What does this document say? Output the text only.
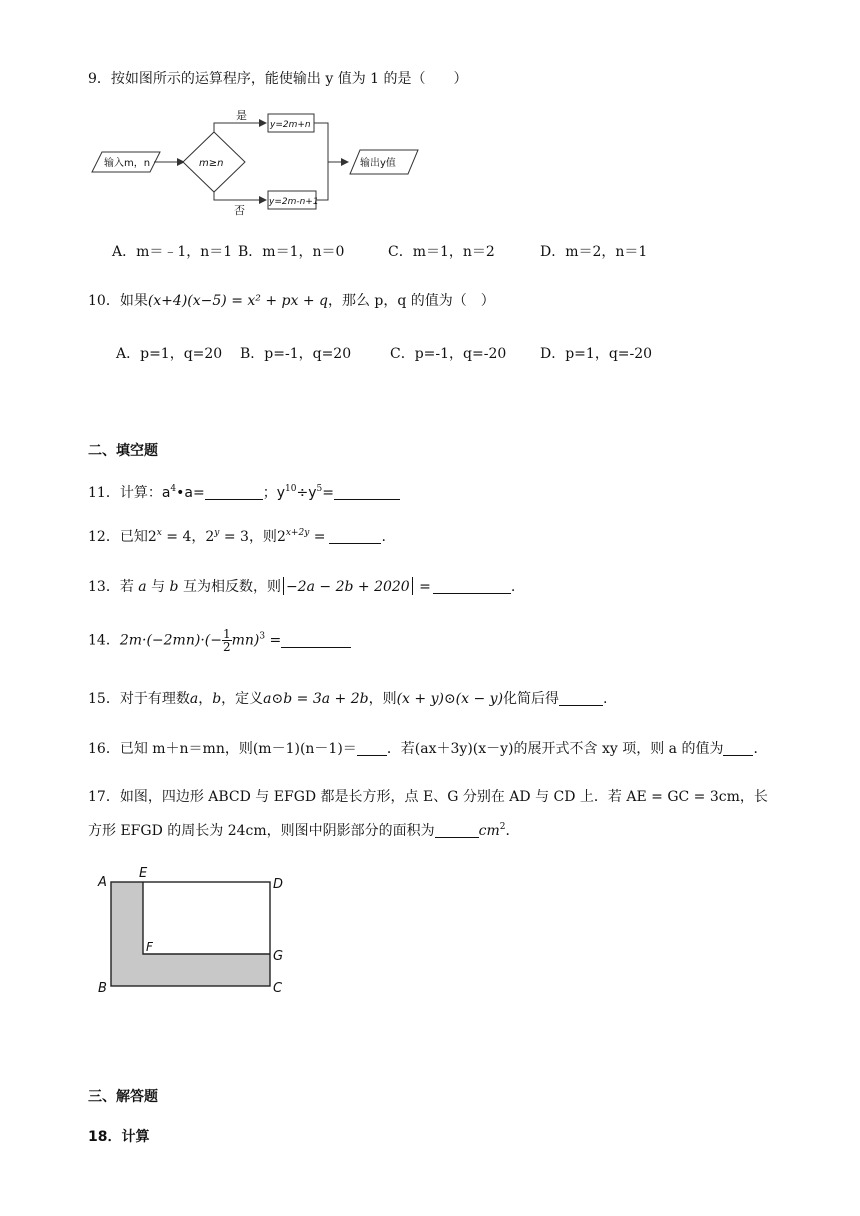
9．按如图所示的运算程序，能使输出 y 值为 1 的是（　　）
输入m，n	m≥n
是
否
y=2m+n
y=2m-n+1
输出y值
A．m＝﹣1，n＝1 B．m＝1，n＝0	C．m＝1，n＝2	D．m＝2，n＝1
10．如果(x+4)(x−5) = x² + px + q，那么 p，q 的值为（　）
A．p=1，q=20 B．p=-1，q=20	C．p=-1，q=-20 D．p=1，q=-20
二、填空题
11．计算：$a^4•a=$	；$y^{10}\div y^5=$
12．已知$2^x = 4$，$2^y = 3$，则$2^{x+2y}$ =	.
13．若 a 与 b 互为相反数，则 −2a − 2b + 2020 =	.
14．$2m\cdot(-2mn)\cdot(- \frac{1}{2} mn)^3$ =
15．对于有理数a，b，定义a⊙b = 3a + 2b，则(x + y)⊙(x − y)化简后得	.
16．已知 m＋n＝mn，则(m－1)(n－1)＝ ．若(ax＋3y)(x－y)的展开式不含 xy 项，则 a 的值为 ．
17．如图，四边形 ABCD 与 EFGD 都是长方形，点 E、G 分别在 AD 与 CD 上．若 AE = GC = 3cm，长
方形 EFGD 的周长为 24cm，则图中阴影部分的面积为	$cm^2$．
A
E
D
F
G
B	C
三、解答题
18．计算
